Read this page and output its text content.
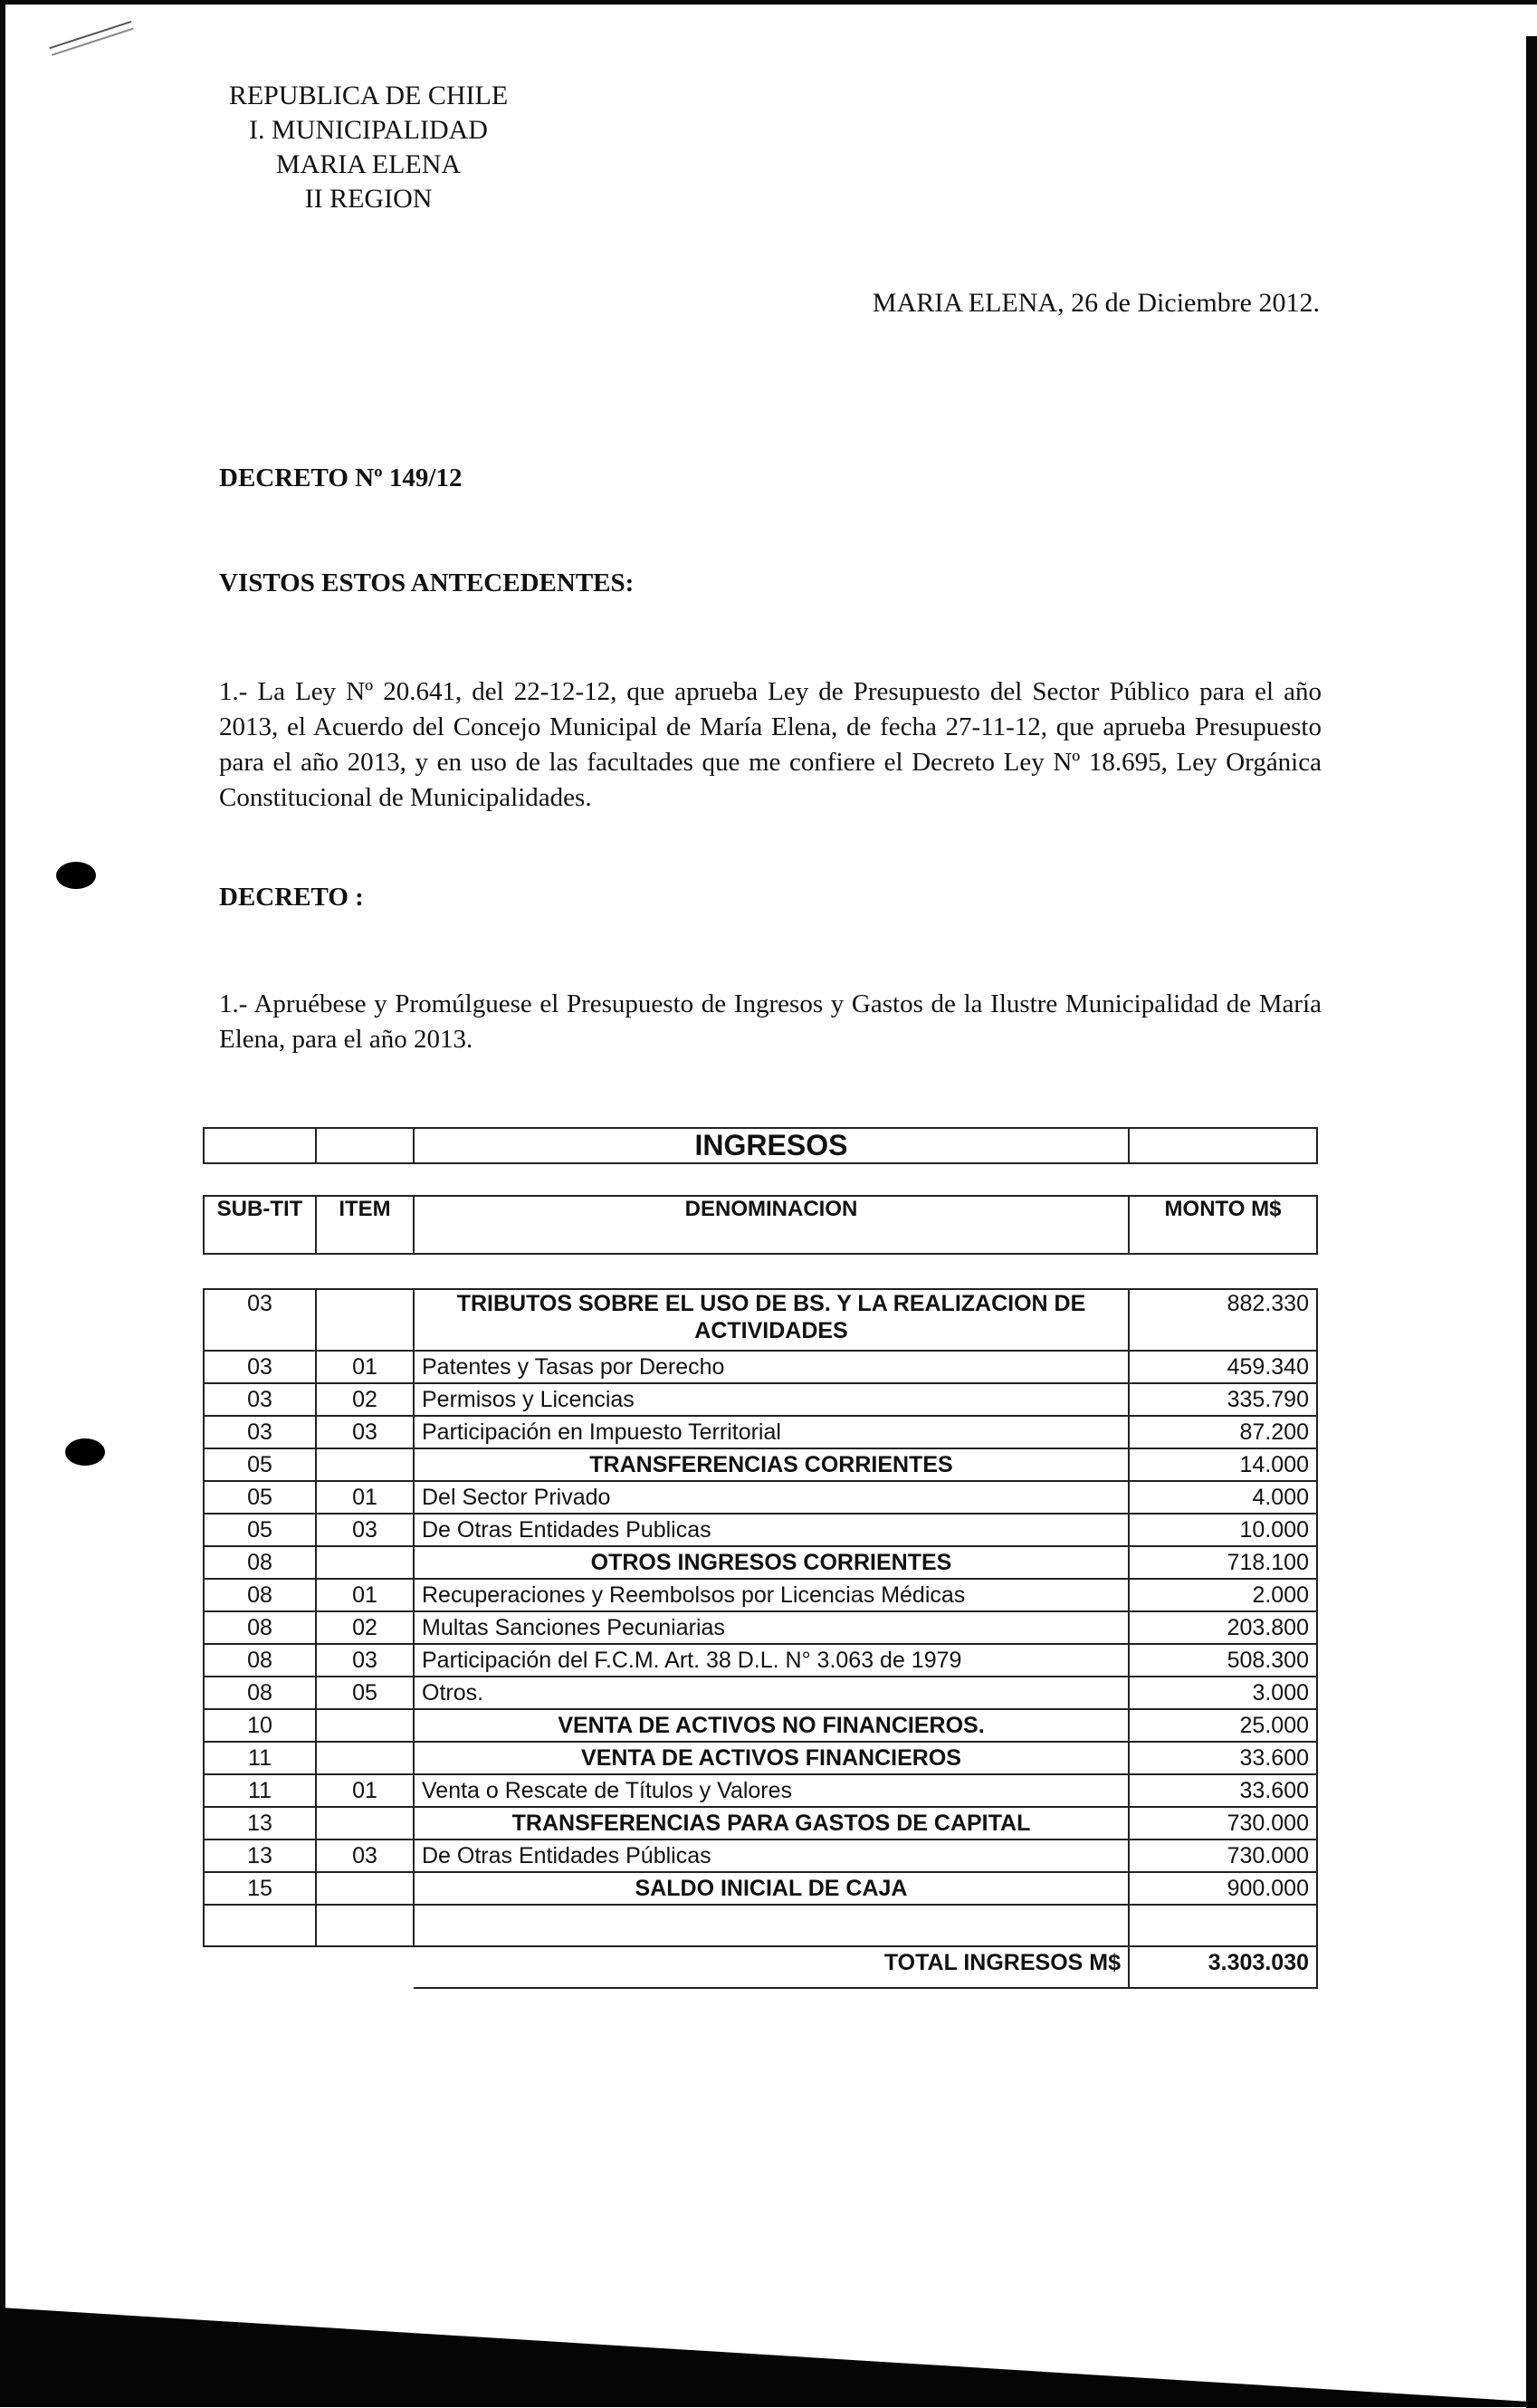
REPUBLICA DE CHILE
I. MUNICIPALIDAD
MARIA ELENA
II REGION
MARIA ELENA, 26 de Diciembre 2012.
DECRETO Nº 149/12
VISTOS ESTOS ANTECEDENTES:
1.- La Ley Nº 20.641, del 22-12-12, que aprueba Ley de Presupuesto del Sector Público para el año 2013, el Acuerdo del Concejo Municipal de María Elena, de fecha 27-11-12, que aprueba Presupuesto para el año 2013, y en uso de las facultades que me confiere el Decreto Ley Nº 18.695, Ley Orgánica Constitucional de Municipalidades.
DECRETO :
1.- Apruébese y Promúlguese el Presupuesto de Ingresos y Gastos de la Ilustre Municipalidad de María Elena, para el año 2013.
		INGRESOS	
SUB-TIT	ITEM	DENOMINACION	MONTO M$
03		TRIBUTOS SOBRE EL USO DE BS. Y LA REALIZACION DE ACTIVIDADES	882.330
03	01	Patentes y Tasas por Derecho	459.340
03	02	Permisos y Licencias	335.790
03	03	Participación en Impuesto Territorial	87.200
05		TRANSFERENCIAS CORRIENTES	14.000
05	01	Del Sector Privado	4.000
05	03	De Otras Entidades Publicas	10.000
08		OTROS INGRESOS CORRIENTES	718.100
08	01	Recuperaciones y Reembolsos por Licencias Médicas	2.000
08	02	Multas Sanciones Pecuniarias	203.800
08	03	Participación del F.C.M. Art. 38 D.L. N° 3.063 de 1979	508.300
08	05	Otros.	3.000
10		VENTA DE ACTIVOS NO FINANCIEROS.	25.000
11		VENTA DE ACTIVOS FINANCIEROS	33.600
11	01	Venta o Rescate de Títulos y Valores	33.600
13		TRANSFERENCIAS PARA GASTOS DE CAPITAL	730.000
13	03	De Otras Entidades Públicas	730.000
15		SALDO INICIAL DE CAJA	900.000

		TOTAL INGRESOS M$	3.303.030
